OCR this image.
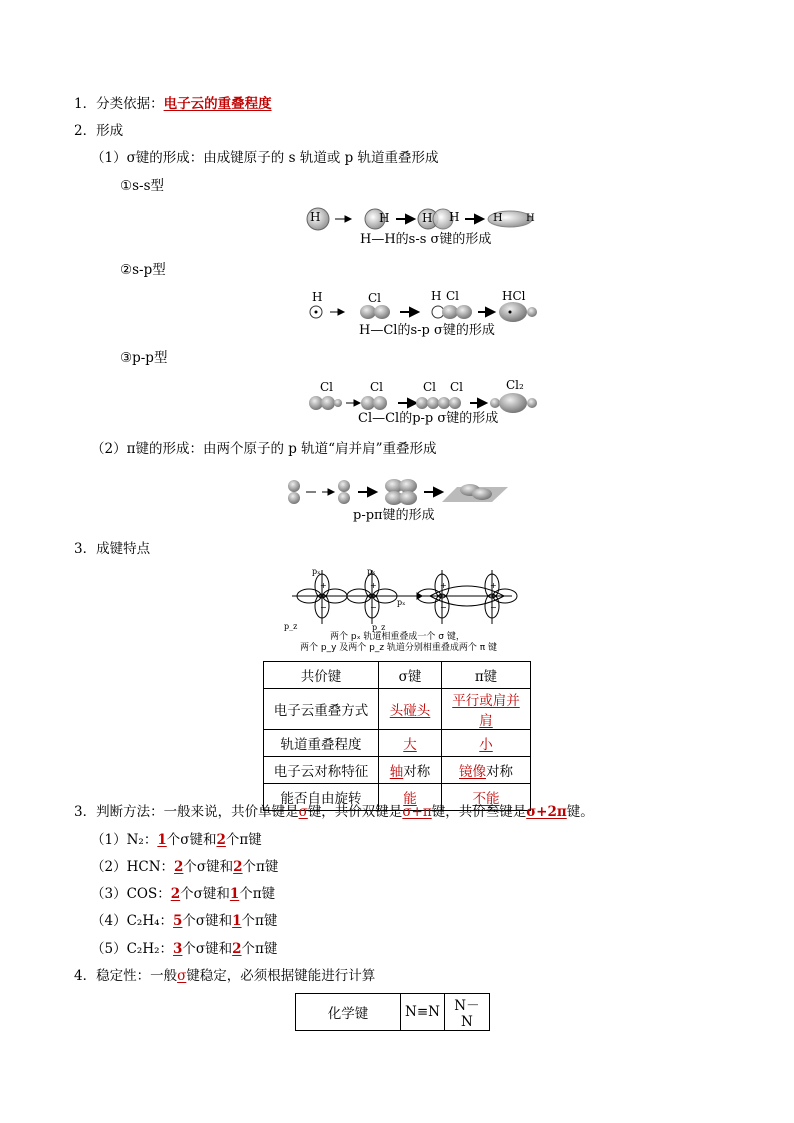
1．分类依据：电子云的重叠程度
2．形成
（1）σ键的形成：由成键原子的 s 轨道或 p 轨道重叠形成
①s-s型
H	H	H H	H H
H—H的s-s σ键的形成
②s-p型
H	Cl	H Cl	HCl
H—Cl的s-p σ键的形成
③p-p型
Cl	Cl	Cl Cl	Cl₂
Cl—Cl的p-p σ键的形成
（2）π键的形成：由两个原子的 p 轨道“肩并肩”重叠形成
p-pπ键的形成
3．成键特点
+
−
+
−
+
−
+
−
pₓ	pₓ
p_z	p_z
pₓ
两个 pₓ 轨道相重叠成一个 σ 键，
两个 p_y 及两个 p_z 轨道分别相重叠成两个 π 键
共价键	σ键	π键
电子云重叠方式	头碰头	平行或肩并肩
轨道重叠程度	大	小
电子云对称特征	轴对称	镜像对称
能否自由旋转	能	不能
3．判断方法：一般来说，共价单键是σ键，共价双键是σ+π键，共价叁键是σ+2π键。
（1）N₂：1个σ键和2个π键
（2）HCN：2个σ键和2个π键
（3）COS：2个σ键和1个π键
（4）C₂H₄：5个σ键和1个π键
（5）C₂H₂：3个σ键和2个π键
4．稳定性：一般σ键稳定，必须根据键能进行计算
化学键	N≡N	N－N
